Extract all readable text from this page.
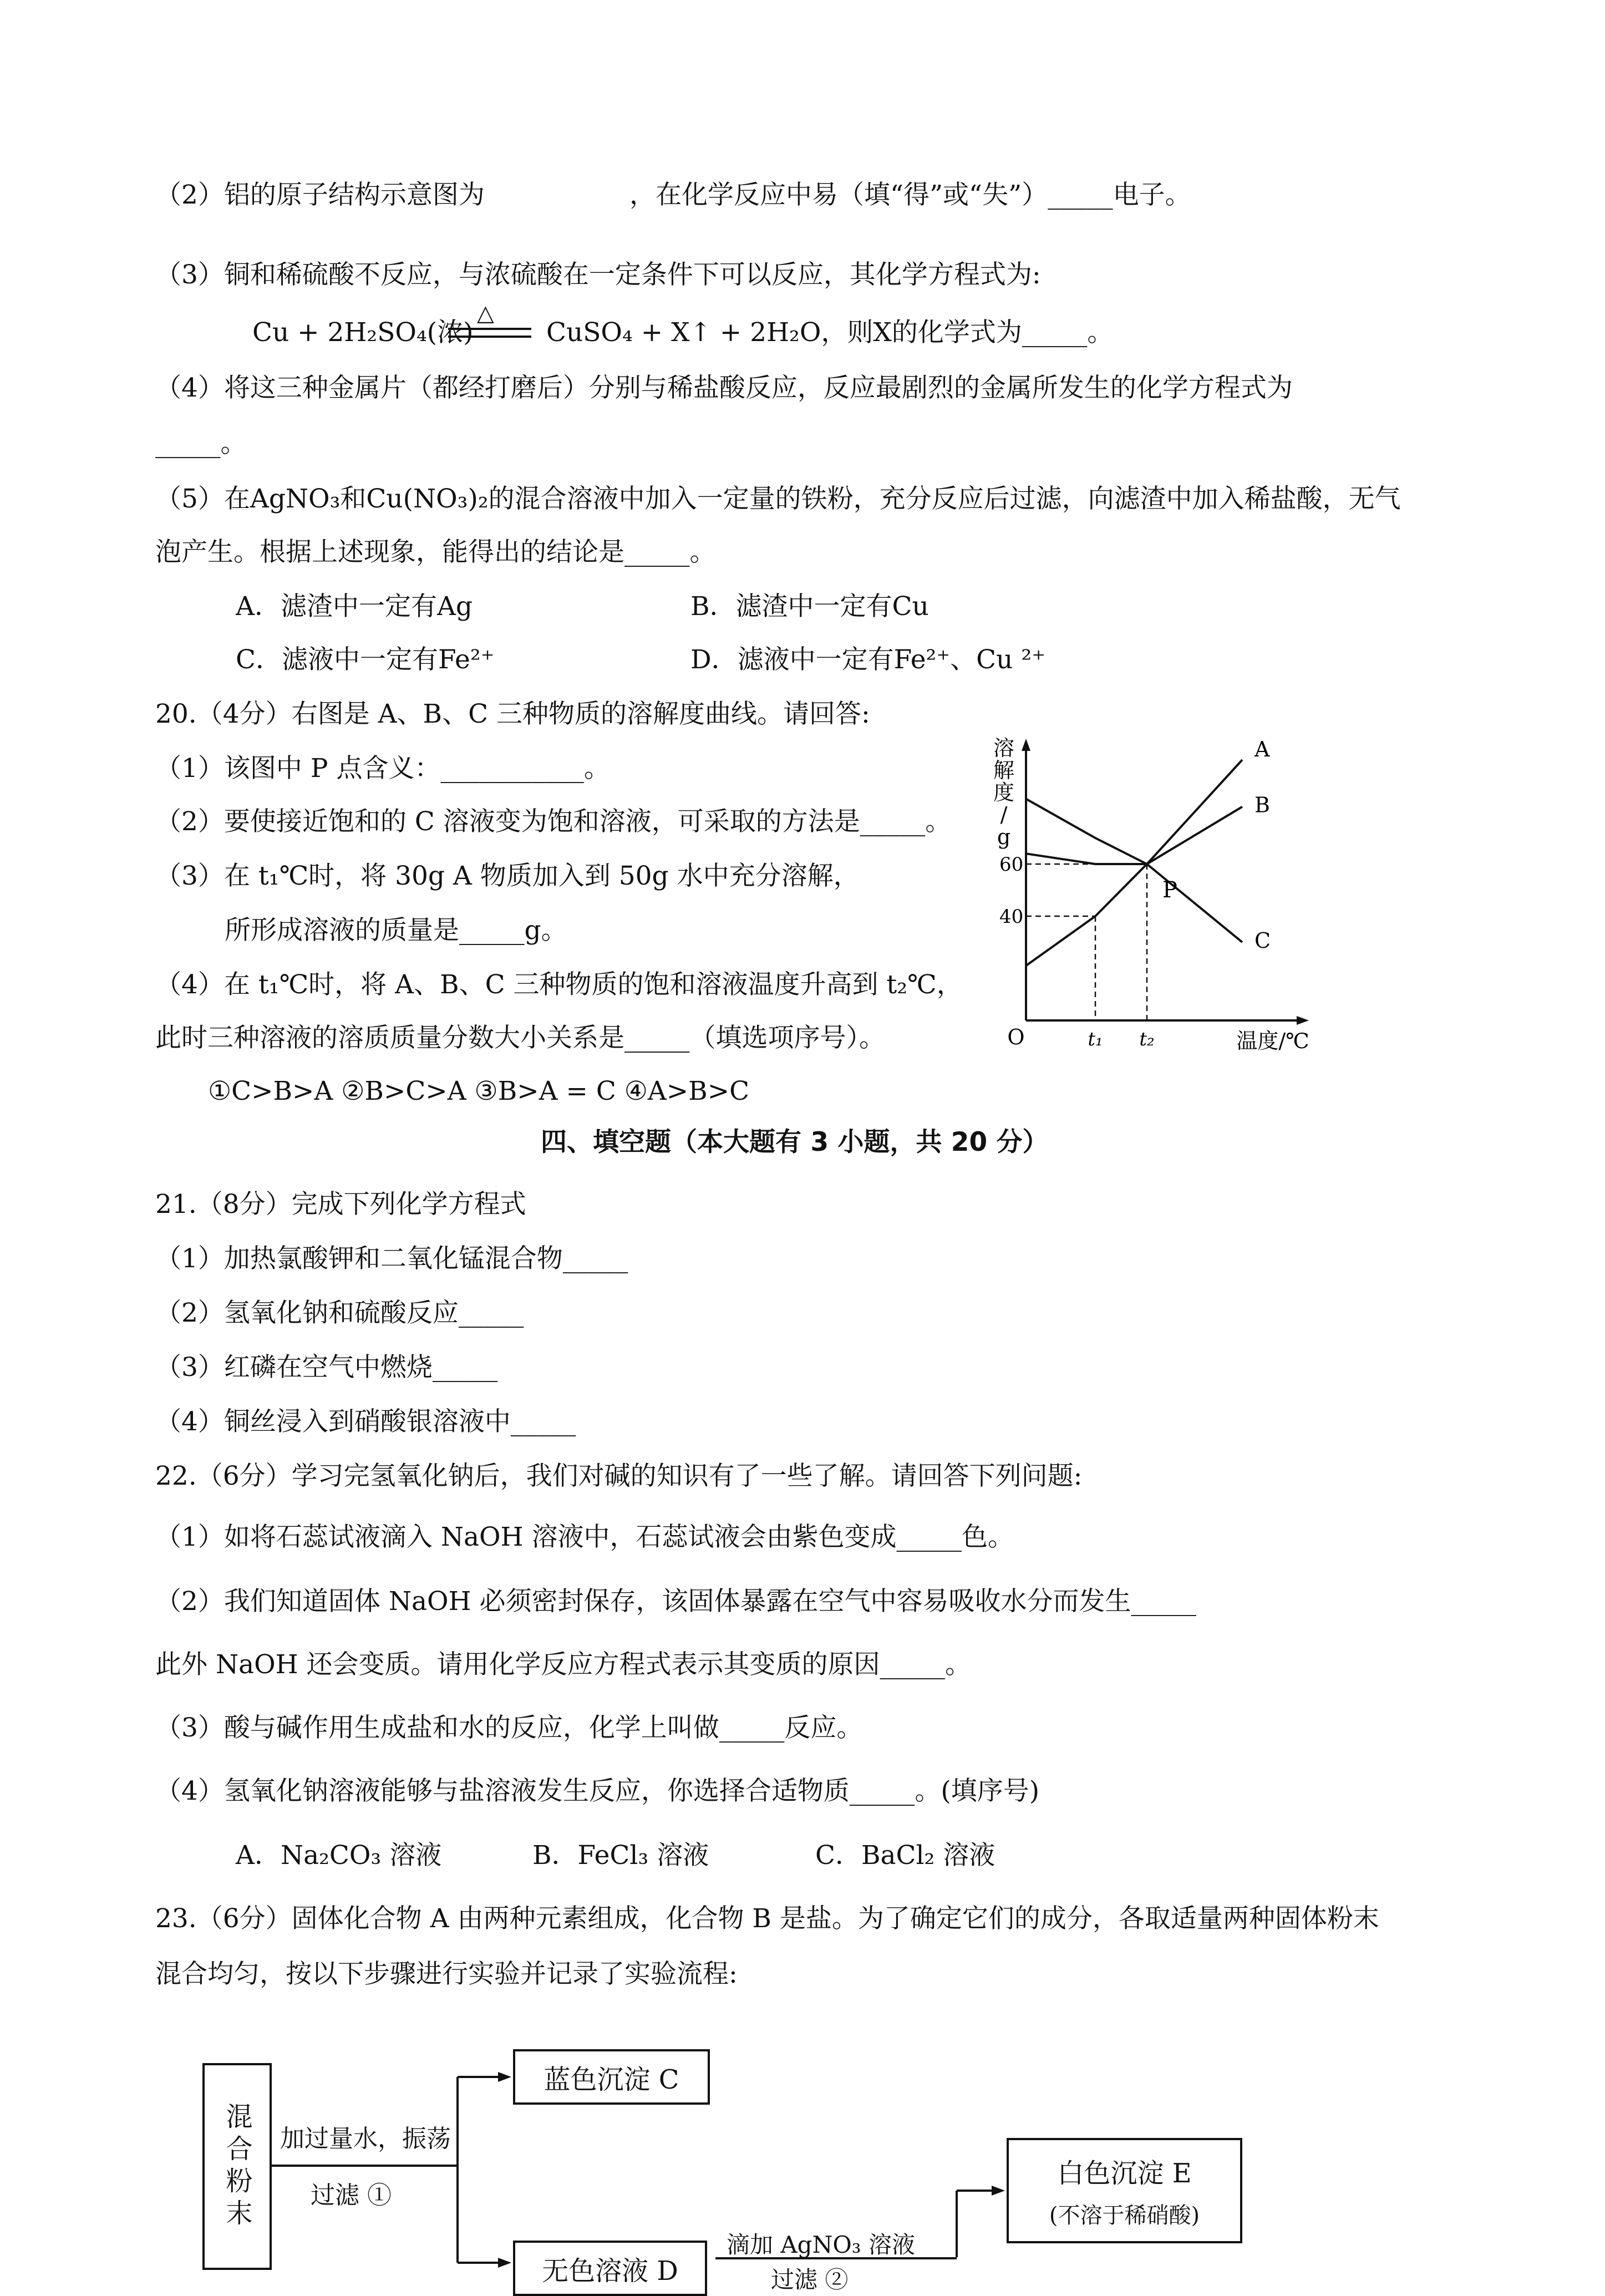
（2）铝的原子结构示意图为	，在化学反应中易（填“得”或“失”）_____电子。
（3）铜和稀硫酸不反应，与浓硫酸在一定条件下可以反应，其化学方程式为:
Cu + 2H₂SO₄(浓)
△
CuSO₄ + X↑ + 2H₂O，则X的化学式为_____。
（4）将这三种金属片（都经打磨后）分别与稀盐酸反应，反应最剧烈的金属所发生的化学方程式为
_____。
（5）在AgNO₃和Cu(NO₃)₂的混合溶液中加入一定量的铁粉，充分反应后过滤，向滤渣中加入稀盐酸，无气
泡产生。根据上述现象，能得出的结论是_____。
A．滤渣中一定有Ag	B．滤渣中一定有Cu
C．滤液中一定有Fe²⁺	D．滤液中一定有Fe²⁺、Cu ²⁺
20.（4分）右图是 A、B、C 三种物质的溶解度曲线。请回答:
（1）该图中 P 点含义：___________。
（2）要使接近饱和的 C 溶液变为饱和溶液，可采取的方法是_____。
（3）在 t₁℃时，将 30g A 物质加入到 50g 水中充分溶解，
所形成溶液的质量是_____g。
（4）在 t₁℃时，将 A、B、C 三种物质的饱和溶液温度升高到 t₂℃，
此时三种溶液的溶质质量分数大小关系是_____（填选项序号）。
①C>B>A ②B>C>A ③B>A = C ④A>B>C
A
B
C
溶
解
度
/
g
温度/℃
O
60
40
t₁ t₂
P
四、填空题（本大题有 3 小题，共 20 分）
21.（8分）完成下列化学方程式
（1）加热氯酸钾和二氧化锰混合物_____
（2）氢氧化钠和硫酸反应_____
（3）红磷在空气中燃烧_____
（4）铜丝浸入到硝酸银溶液中_____
22.（6分）学习完氢氧化钠后，我们对碱的知识有了一些了解。请回答下列问题:
（1）如将石蕊试液滴入 NaOH 溶液中，石蕊试液会由紫色变成_____色。
（2）我们知道固体 NaOH 必须密封保存，该固体暴露在空气中容易吸收水分而发生_____
此外 NaOH 还会变质。请用化学反应方程式表示其变质的原因_____。
（3）酸与碱作用生成盐和水的反应，化学上叫做_____反应。
（4）氢氧化钠溶液能够与盐溶液发生反应，你选择合适物质_____。(填序号)
A．Na₂CO₃ 溶液	B．FeCl₃ 溶液	C．BaCl₂ 溶液
23.（6分）固体化合物 A 由两种元素组成，化合物 B 是盐。为了确定它们的成分，各取适量两种固体粉末
混合均匀，按以下步骤进行实验并记录了实验流程:
混合粉末 加过量水，振荡
过滤 ①
蓝色沉淀 C
无色溶液 D
滴加 AgNO₃ 溶液
过滤 ②
白色沉淀 E
(不溶于稀硝酸)
